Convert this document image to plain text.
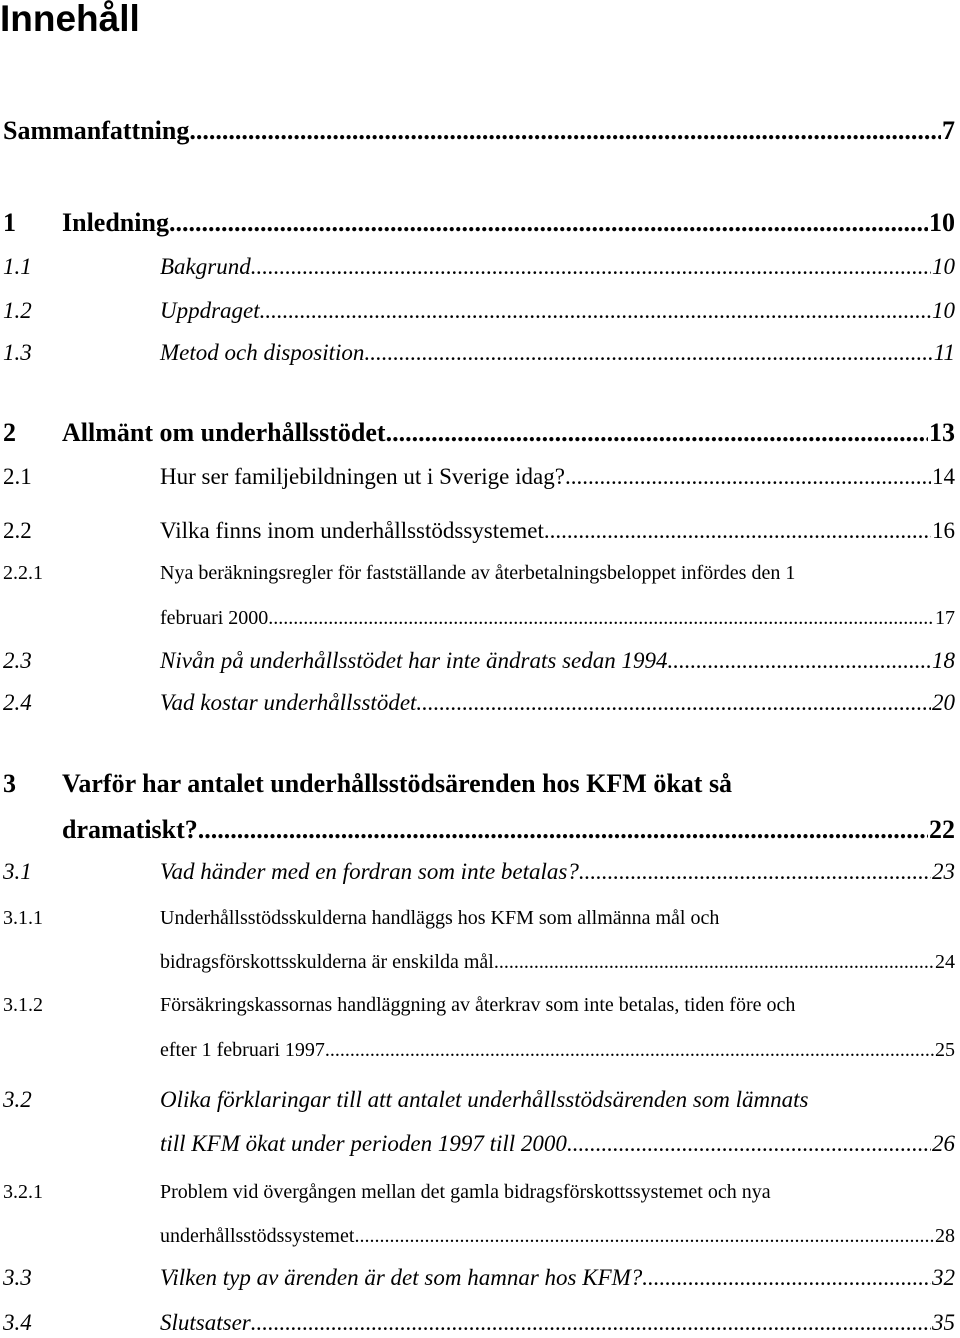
Innehåll
Sammanfattning .....	7
1 Inledning .....	10
1.1	Bakgrund .....	10
1.2	Uppdraget .....	10
1.3	Metod och disposition .....	11
2 Allmänt om underhållsstödet .....	13
2.1	Hur ser familjebildningen ut i Sverige idag? .....	14
2.2	Vilka finns inom underhållsstödssystemet .....	16
2.2.1	Nya beräkningsregler för fastställande av återbetalningsbeloppet infördes den 1
februari 2000 .....	17
2.3	Nivån på underhållsstödet har inte ändrats sedan 1994 .....	18
2.4	Vad kostar underhållsstödet .....	20
3 Varför har antalet underhållsstödsärenden hos KFM ökat så
dramatiskt? .....	22
3.1	Vad händer med en fordran som inte betalas? .....	23
3.1.1	Underhållsstödsskulderna handläggs hos KFM som allmänna mål och
bidragsförskottsskulderna är enskilda mål .....	24
3.1.2	Försäkringskassornas handläggning av återkrav som inte betalas, tiden före och
efter 1 februari 1997 .....	25
3.2	Olika förklaringar till att antalet underhållsstödsärenden som lämnats
till KFM ökat under perioden 1997 till 2000 .....	26
3.2.1	Problem vid övergången mellan det gamla bidragsförskottssystemet och nya
underhållsstödssystemet .....	28
3.3	Vilken typ av ärenden är det som hamnar hos KFM? .....	32
3.4	Slutsatser .....	35
